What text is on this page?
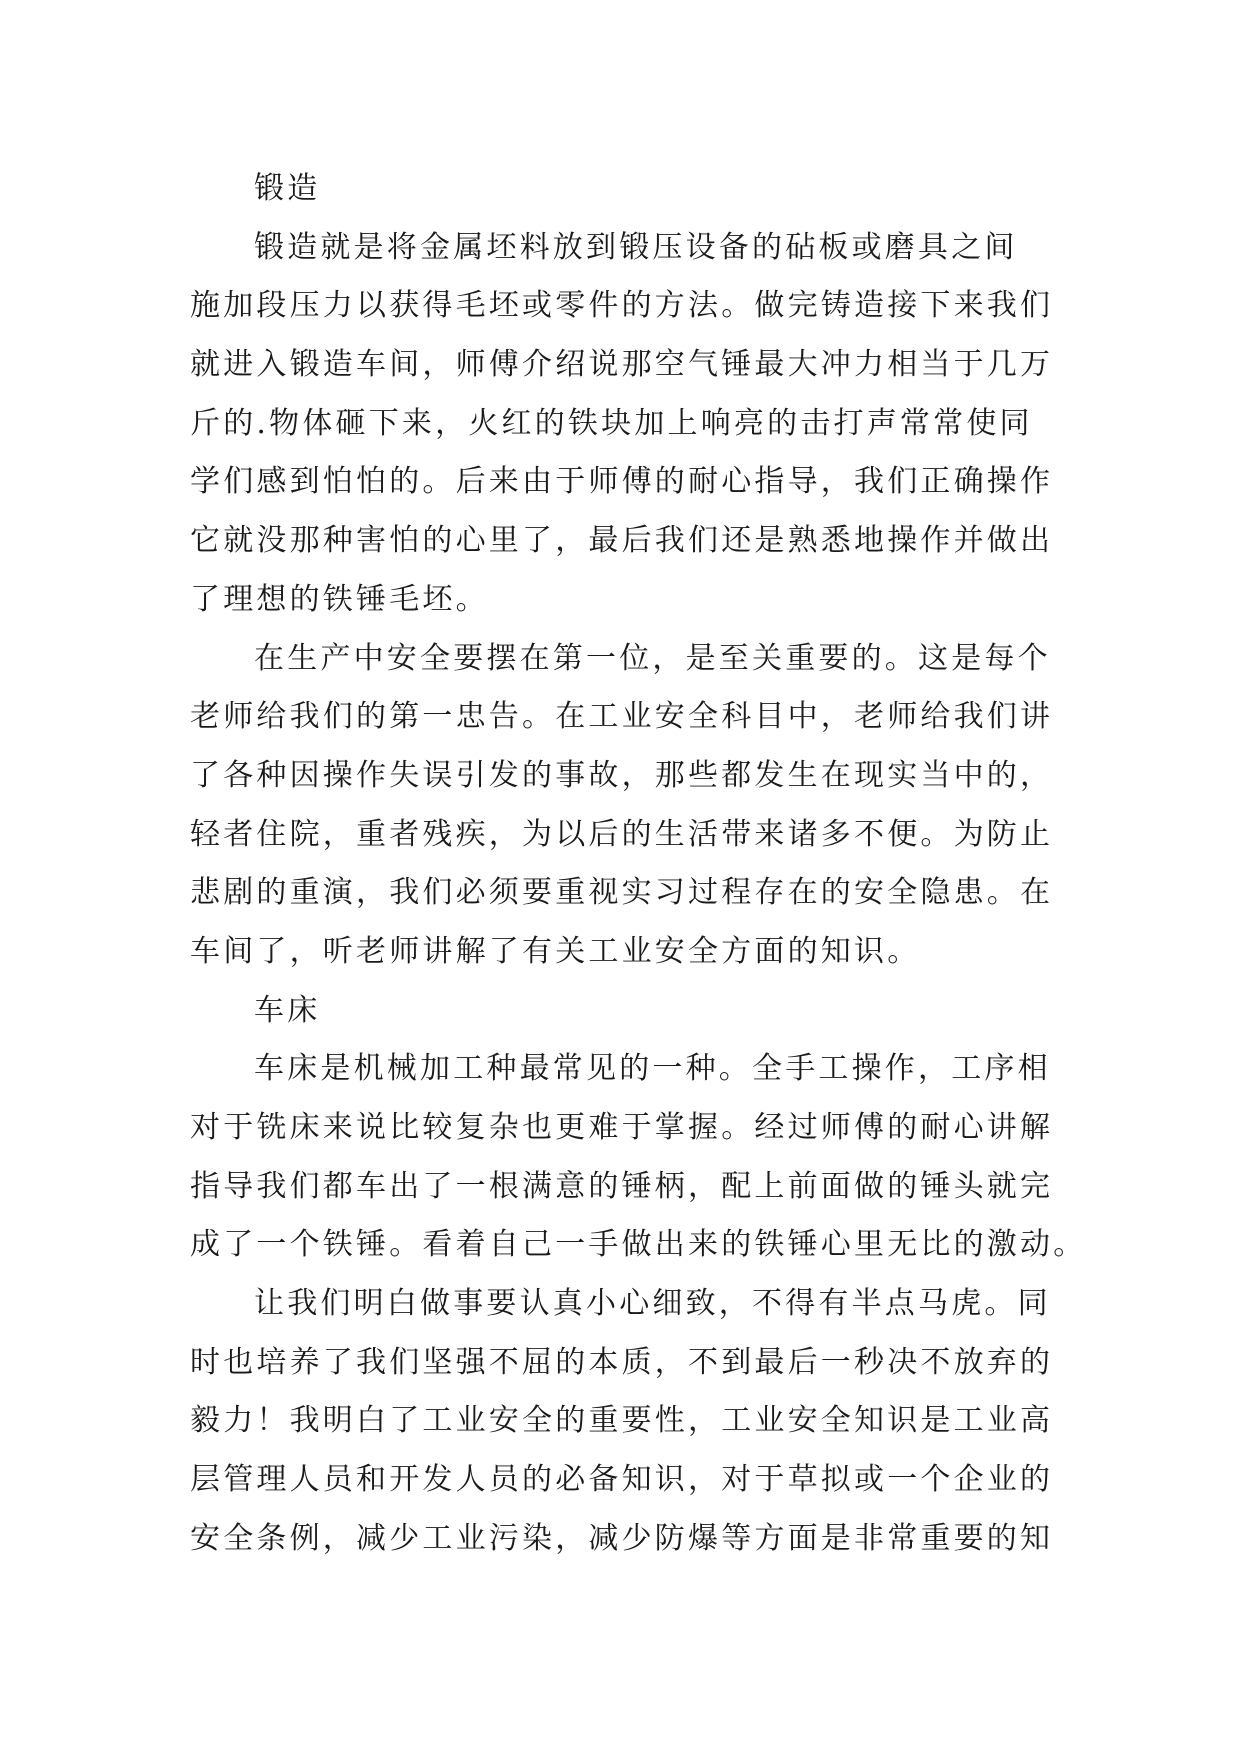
锻造
锻造就是将金属坯料放到锻压设备的砧板或磨具之间
施加段压力以获得毛坯或零件的方法。做完铸造接下来我们
就进入锻造车间，师傅介绍说那空气锤最大冲力相当于几万
斤的.物体砸下来，火红的铁块加上响亮的击打声常常使同
学们感到怕怕的。后来由于师傅的耐心指导，我们正确操作
它就没那种害怕的心里了，最后我们还是熟悉地操作并做出
了理想的铁锤毛坯。
在生产中安全要摆在第一位，是至关重要的。这是每个
老师给我们的第一忠告。在工业安全科目中，老师给我们讲
了各种因操作失误引发的事故，那些都发生在现实当中的，
轻者住院，重者残疾，为以后的生活带来诸多不便。为防止
悲剧的重演，我们必须要重视实习过程存在的安全隐患。在
车间了，听老师讲解了有关工业安全方面的知识。
车床
车床是机械加工种最常见的一种。全手工操作，工序相
对于铣床来说比较复杂也更难于掌握。经过师傅的耐心讲解
指导我们都车出了一根满意的锤柄，配上前面做的锤头就完
成了一个铁锤。看着自己一手做出来的铁锤心里无比的激动。
让我们明白做事要认真小心细致，不得有半点马虎。同
时也培养了我们坚强不屈的本质，不到最后一秒决不放弃的
毅力！我明白了工业安全的重要性，工业安全知识是工业高
层管理人员和开发人员的必备知识，对于草拟或一个企业的
安全条例，减少工业污染，减少防爆等方面是非常重要的知
